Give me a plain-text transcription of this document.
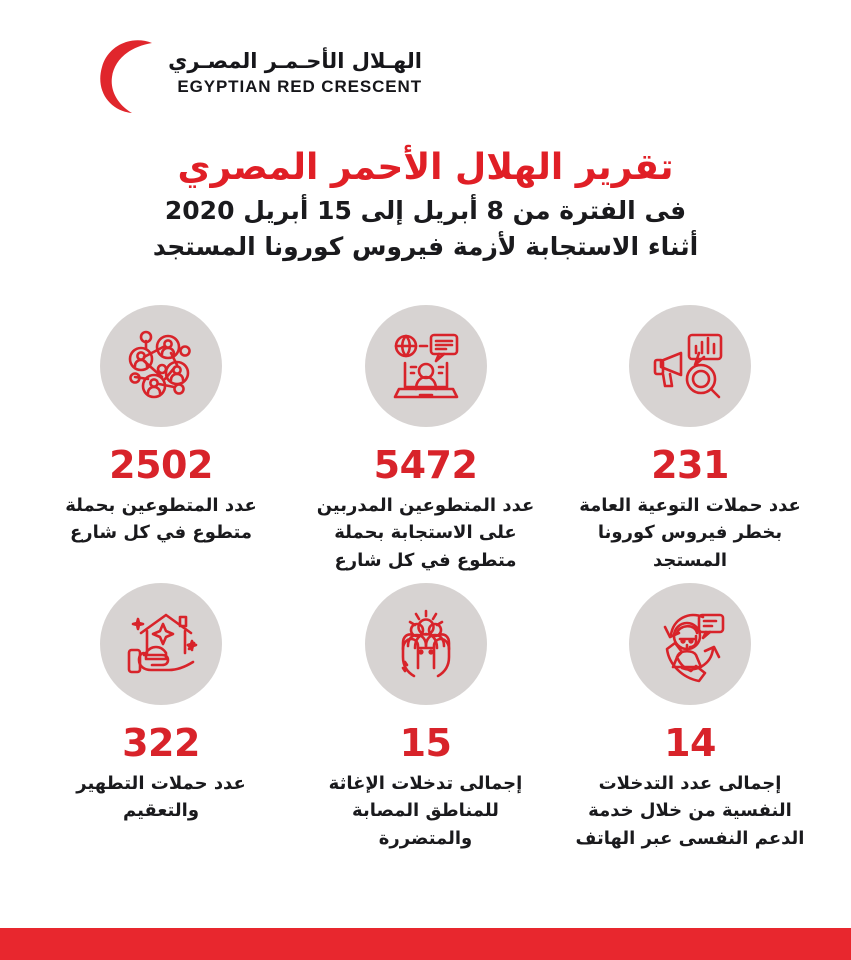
الهـلال الأحـمـر المصـري
EGYPTIAN RED CRESCENT
تقرير الهلال الأحمر المصري
فى الفترة من 8 أبريل إلى 15 أبريل 2020
أثناء الاستجابة لأزمة فيروس كورونا المستجد
231
عدد حملات التوعية العامة بخطر فيروس كورونا المستجد
5472
عدد المتطوعين المدربين على الاستجابة بحملة متطوع في كل شارع
2502
عدد المتطوعين بحملة متطوع في كل شارع
14
إجمالى عدد التدخلات النفسية من خلال خدمة الدعم النفسى عبر الهاتف
15
إجمالى تدخلات الإغاثة للمناطق المصابة والمتضررة
322
عدد حملات التطهير والتعقيم
